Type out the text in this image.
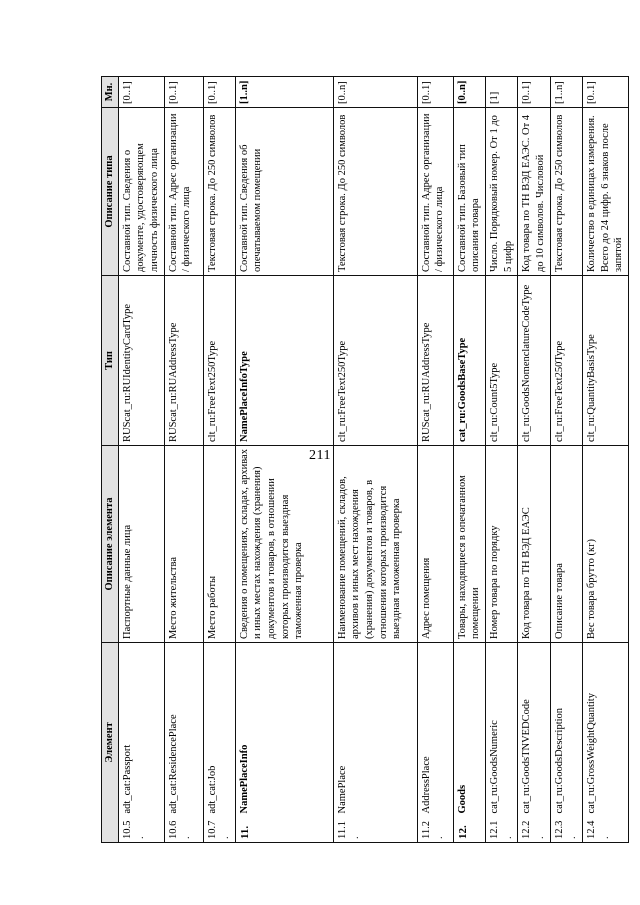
211
Элемент		Описание элемента	Тип	Описание типа	Мн.
10.5.	adt_cat:Passport	Паспортные данные лица	RUScat_ru:RUIdentityCardType	Составной тип. Сведения о документе, удостоверяющем личность физического лица	[0..1]
10.6.	adt_cat:ResidencePlace	Место жительства	RUScat_ru:RUAddressType	Составной тип. Адрес организации / физического лица	[0..1]
10.7.	adt_cat:Job	Место работы	clt_ru:FreeText250Type	Текстовая строка. До 250 символов	[0..1]
11.	NamePlaceInfo	Сведения о помещениях, складах, архивах и иных местах нахождения (хранения) документов и товаров, в отношении которых производится выездная таможенная проверка	NamePlaceInfoType	Составной тип. Сведения об опечатываемом помещении	[1..n]
11.1.	NamePlace	Наименование помещений, складов, архивов и иных мест нахождения (хранения) документов и товаров, в отношении которых производится выездная таможенная проверка	clt_ru:FreeText250Type	Текстовая строка. До 250 символов	[0..n]
11.2.	AddressPlace	Адрес помещения	RUScat_ru:RUAddressType	Составной тип. Адрес организации / физического лица	[0..1]
12.	Goods	Товары, находящиеся в опечатанном помещении	cat_ru:GoodsBaseType	Составной тип. Базовый тип описания товара	[0..n]
12.1.	cat_ru:GoodsNumeric	Номер товара по порядку	clt_ru:Count5Type	Число. Порядковый номер. От 1 до 5 цифр	[1]
12.2.	cat_ru:GoodsTNVEDCode	Код товара по ТН ВЭД ЕАЭС	clt_ru:GoodsNomenclatureCodeType	Код товара по ТН ВЭД ЕАЭС. От 4 до 10 символов. Числовой	[0..1]
12.3.	cat_ru:GoodsDescription	Описание товара	clt_ru:FreeText250Type	Текстовая строка. До 250 символов	[1..n]
12.4.	cat_ru:GrossWeightQuantity	Вес товара брутто (кг)	clt_ru:QuantityBasisType	Количество в единицах измерения. Всего до 24 цифр. 6 знаков после запятой	[0..1]
